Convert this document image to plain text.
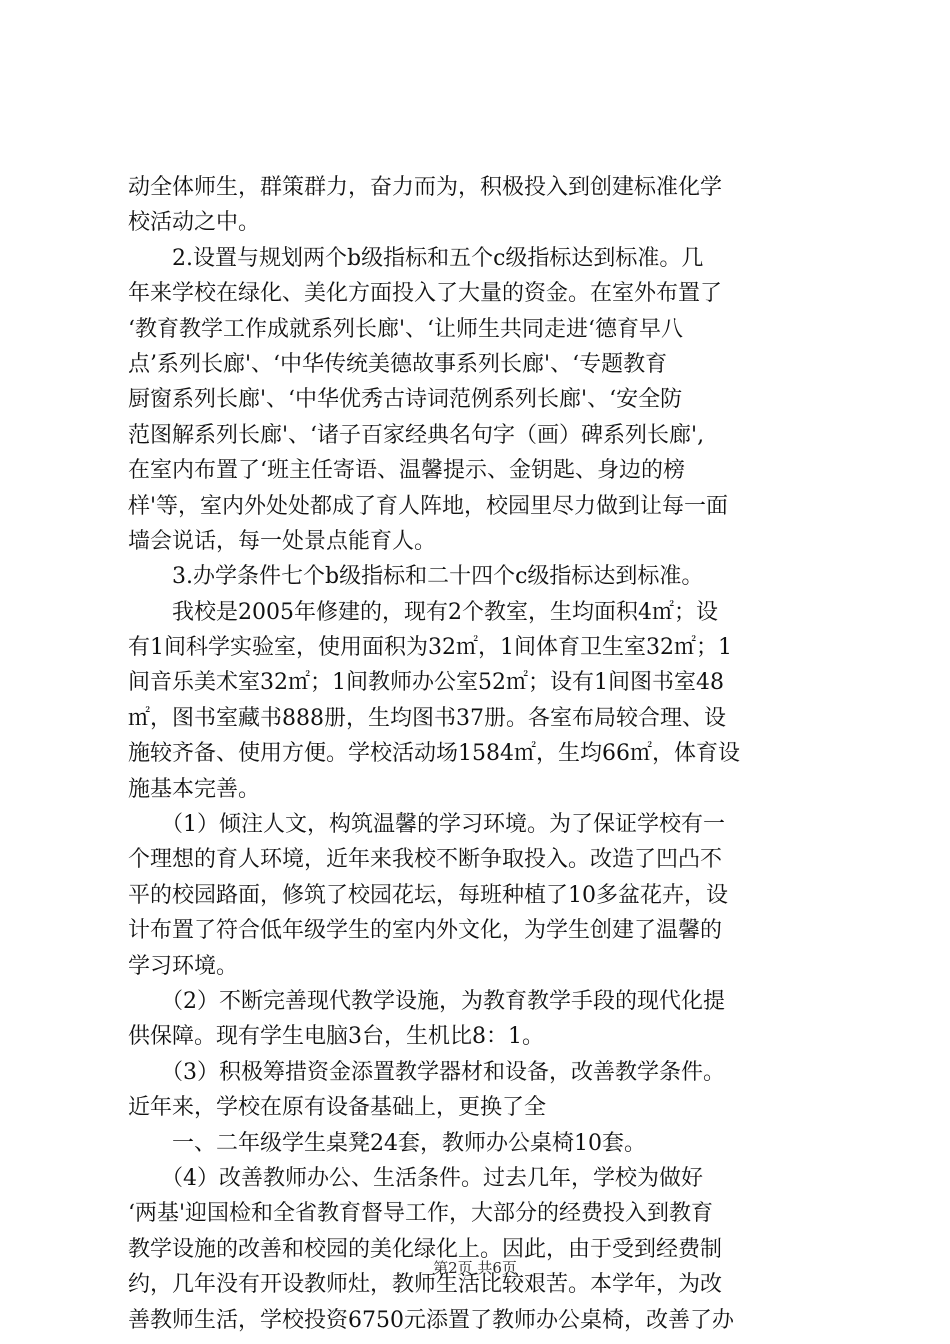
动全体师生，群策群力，奋力而为，积极投入到创建标准化学
校活动之中。
　　2.设置与规划两个b级指标和五个c级指标达到标准。几
年来学校在绿化、美化方面投入了大量的资金。在室外布置了
‘教育教学工作成就系列长廊'、‘让师生共同走进‘德育早八
点’系列长廊'、‘中华传统美德故事系列长廊'、‘专题教育
厨窗系列长廊'、‘中华优秀古诗词范例系列长廊'、‘安全防
范图解系列长廊'、‘诸子百家经典名句字（画）碑系列长廊',
在室内布置了‘班主任寄语、温馨提示、金钥匙、身边的榜
样'等，室内外处处都成了育人阵地，校园里尽力做到让每一面
墙会说话，每一处景点能育人。
　　3.办学条件七个b级指标和二十四个c级指标达到标准。
　　我校是2005年修建的，现有2个教室，生均面积4㎡；设
有1间科学实验室，使用面积为32㎡，1间体育卫生室32㎡；1
间音乐美术室32㎡；1间教师办公室52㎡；设有1间图书室48
㎡，图书室藏书888册，生均图书37册。各室布局较合理、设
施较齐备、使用方便。学校活动场1584㎡，生均66㎡，体育设
施基本完善。
　　（1）倾注人文，构筑温馨的学习环境。为了保证学校有一
个理想的育人环境，近年来我校不断争取投入。改造了凹凸不
平的校园路面，修筑了校园花坛，每班种植了10多盆花卉，设
计布置了符合低年级学生的室内外文化，为学生创建了温馨的
学习环境。
　　（2）不断完善现代教学设施，为教育教学手段的现代化提
供保障。现有学生电脑3台，生机比8：1。
　　（3）积极筹措资金添置教学器材和设备，改善教学条件。
近年来，学校在原有设备基础上，更换了全
　　一、二年级学生桌凳24套，教师办公桌椅10套。
　　（4）改善教师办公、生活条件。过去几年，学校为做好
‘两基'迎国检和全省教育督导工作，大部分的经费投入到教育
教学设施的改善和校园的美化绿化上。因此，由于受到经费制
约，几年没有开设教师灶，教师生活比较艰苦。本学年，为改
善教师生活，学校投资6750元添置了教师办公桌椅，改善了办
第2页 共6页
